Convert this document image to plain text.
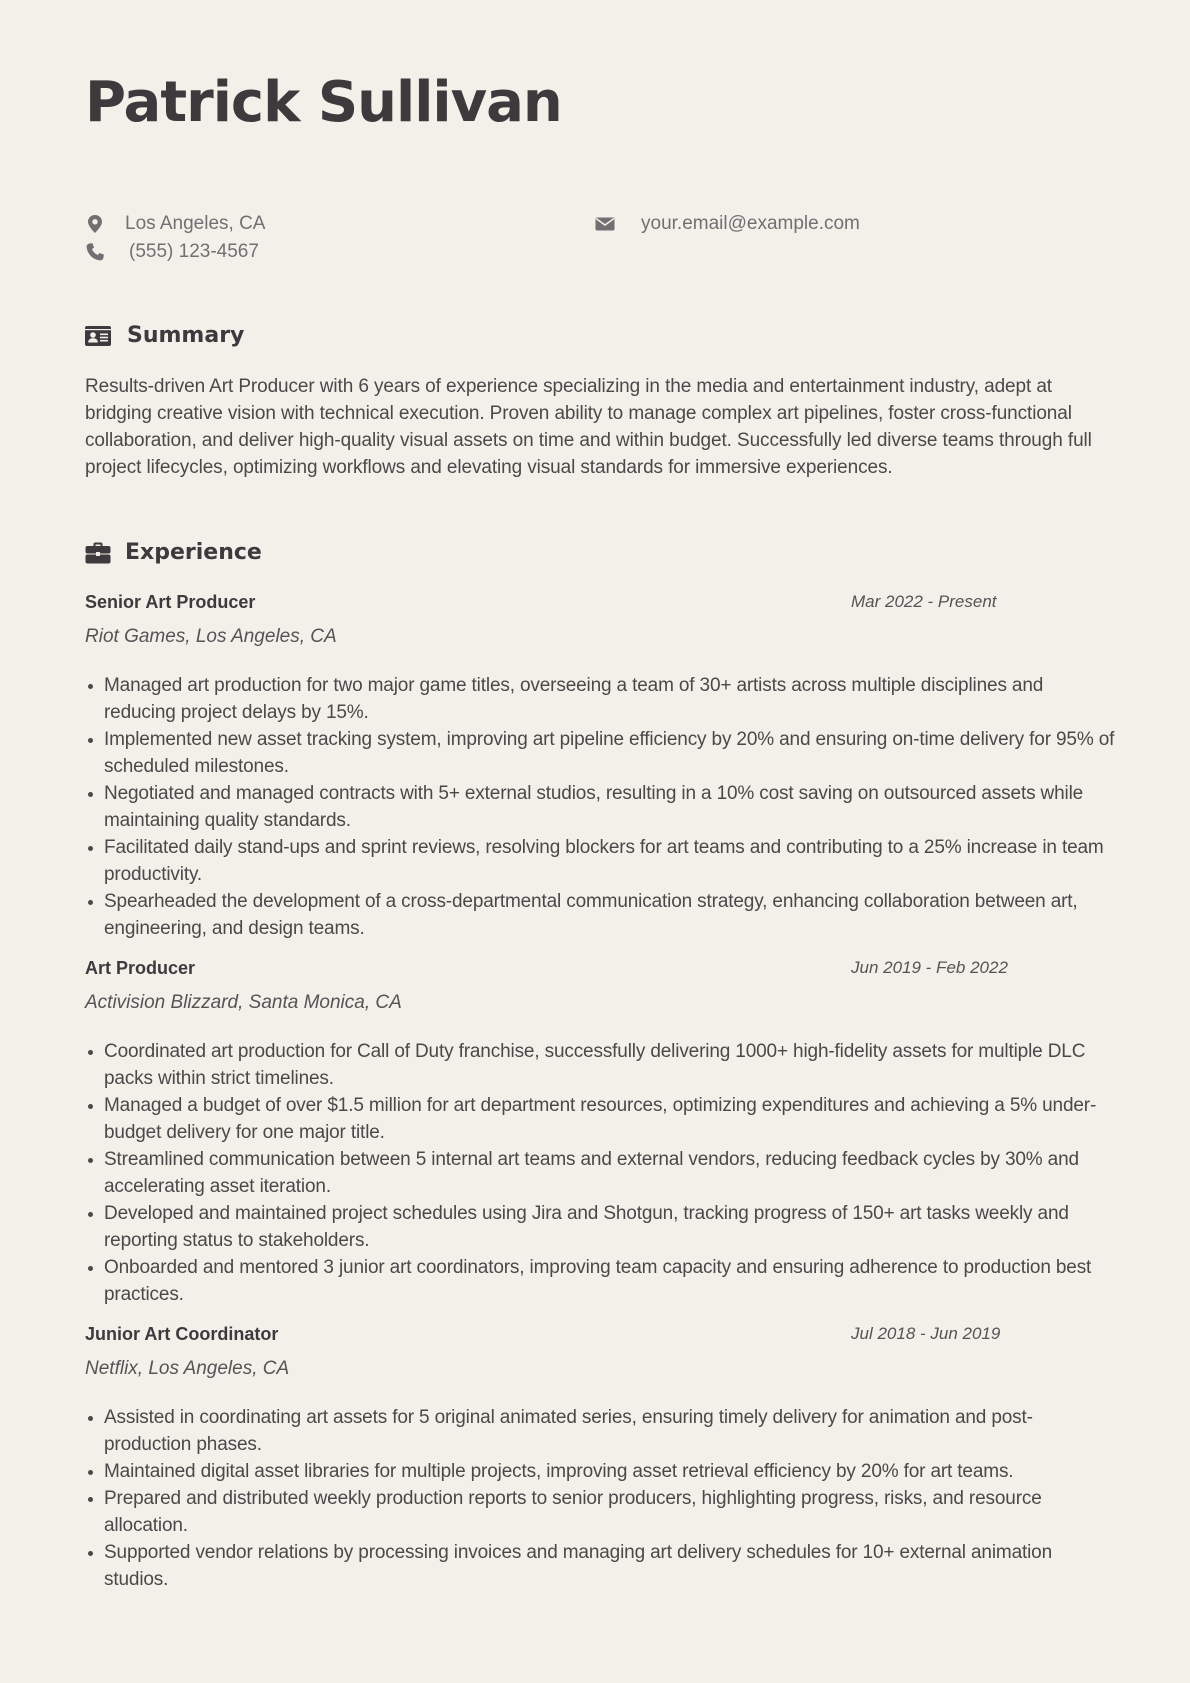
Patrick Sullivan
Los Angeles, CA
(555) 123-4567
your.email@example.com
Summary

Results-driven Art Producer with 6 years of experience specializing in the media and entertainment industry, adept at bridging creative vision with technical execution. Proven ability to manage complex art pipelines, foster cross-functional collaboration, and deliver high-quality visual assets on time and within budget. Successfully led diverse teams through full project lifecycles, optimizing workflows and elevating visual standards for immersive experiences.

Experience
Senior Art Producer	Mar 2022 - Present
Riot Games, Los Angeles, CA
Managed art production for two major game titles, overseeing a team of 30+ artists across multiple disciplines and reducing project delays by 15%.
Implemented new asset tracking system, improving art pipeline efficiency by 20% and ensuring on-time delivery for 95% of scheduled milestones.
Negotiated and managed contracts with 5+ external studios, resulting in a 10% cost saving on outsourced assets while maintaining quality standards.
Facilitated daily stand-ups and sprint reviews, resolving blockers for art teams and contributing to a 25% increase in team productivity.
Spearheaded the development of a cross-departmental communication strategy, enhancing collaboration between art, engineering, and design teams.
Art Producer	Jun 2019 - Feb 2022
Activision Blizzard, Santa Monica, CA
Coordinated art production for Call of Duty franchise, successfully delivering 1000+ high-fidelity assets for multiple DLC packs within strict timelines.
Managed a budget of over $1.5 million for art department resources, optimizing expenditures and achieving a 5% under-budget delivery for one major title.
Streamlined communication between 5 internal art teams and external vendors, reducing feedback cycles by 30% and accelerating asset iteration.
Developed and maintained project schedules using Jira and Shotgun, tracking progress of 150+ art tasks weekly and reporting status to stakeholders.
Onboarded and mentored 3 junior art coordinators, improving team capacity and ensuring adherence to production best practices.
Junior Art Coordinator	Jul 2018 - Jun 2019
Netflix, Los Angeles, CA
Assisted in coordinating art assets for 5 original animated series, ensuring timely delivery for animation and post-production phases.
Maintained digital asset libraries for multiple projects, improving asset retrieval efficiency by 20% for art teams.
Prepared and distributed weekly production reports to senior producers, highlighting progress, risks, and resource allocation.
Supported vendor relations by processing invoices and managing art delivery schedules for 10+ external animation studios.
